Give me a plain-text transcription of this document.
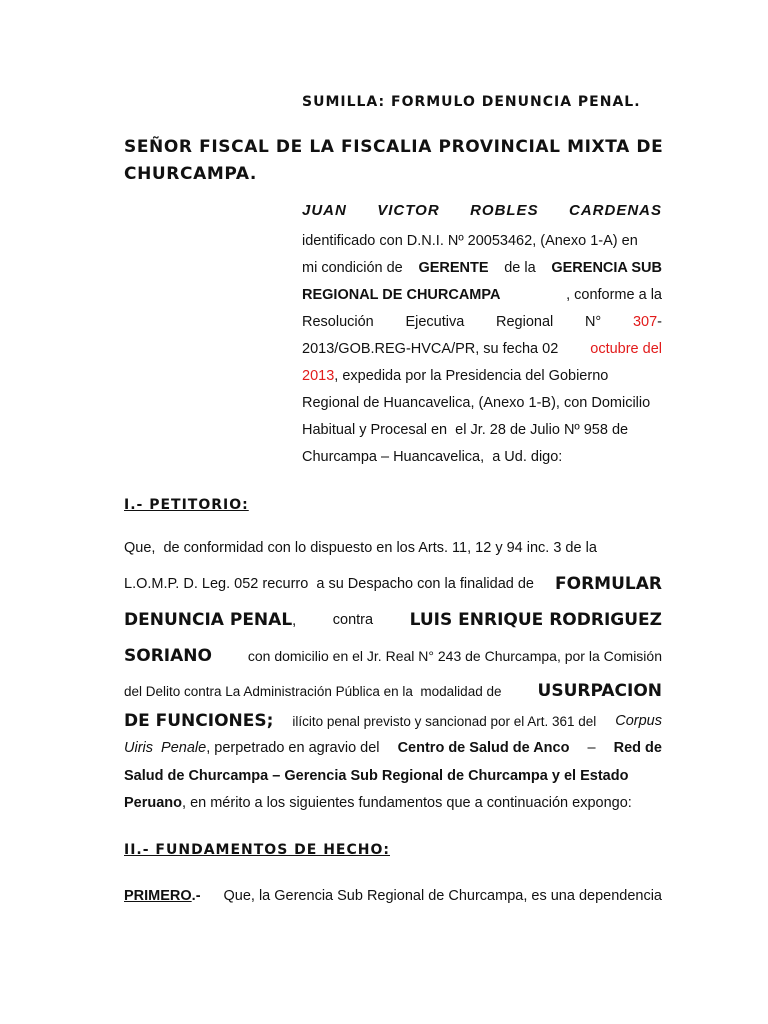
SUMILLA: FORMULO DENUNCIA PENAL.
SEÑOR FISCAL DE LA FISCALIA PROVINCIAL MIXTA DE
CHURCAMPA.
JUAN VICTOR ROBLES CARDENAS
identificado con D.N.I. Nº 20053462, (Anexo 1-A) en
mi condición de GERENTE de la GERENCIA SUB
REGIONAL DE CHURCAMPA	, conforme a la
Resolución Ejecutiva Regional N° 307-
2013/GOB.REG-HVCA/PR, su fecha 02 octubre del
2013, expedida por la Presidencia del Gobierno
Regional de Huancavelica, (Anexo 1-B), con Domicilio
Habitual y Procesal en  el Jr. 28 de Julio Nº 958 de
Churcampa – Huancavelica,  a Ud. digo:
I.- PETITORIO:
Que,  de conformidad con lo dispuesto en los Arts. 11, 12 y 94 inc. 3 de la
L.O.M.P. D. Leg. 052 recurro  a su Despacho con la finalidad de FORMULAR
DENUNCIA PENAL,	contra LUIS ENRIQUE RODRIGUEZ
SORIANO	con domicilio en el Jr. Real N° 243 de Churcampa, por la Comisión
del Delito contra La Administración Pública en la  modalidad de USURPACION
DE FUNCIONES; ilícito penal previsto y sancionad por el Art. 361 del Corpus
Uiris  Penale, perpetrado en agravio del Centro de Salud de Anco – Red de
Salud de Churcampa – Gerencia Sub Regional de Churcampa y el Estado
Peruano , en mérito a los siguientes fundamentos que a continuación expongo:
II.- FUNDAMENTOS DE HECHO:
PRIMERO.- Que, la Gerencia Sub Regional de Churcampa, es una dependencia
